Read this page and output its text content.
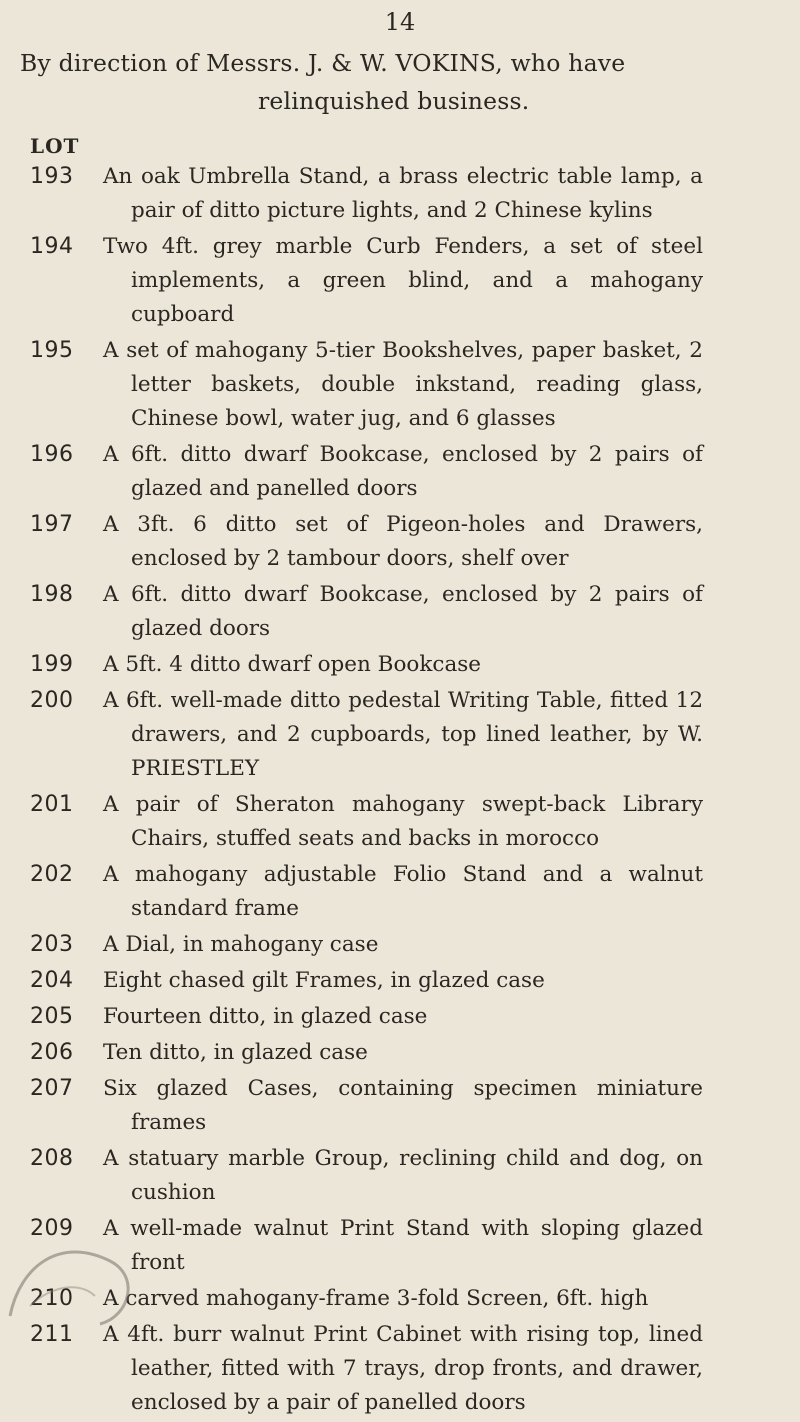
14
By direction of Messrs. J. & W. VOKINS, who have
relinquished business.
LOT
193 An oak Umbrella Stand, a brass electric table lamp, a pair of ditto picture lights, and 2 Chinese kylins
194 Two 4ft. grey marble Curb Fenders, a set of steel implements, a green blind, and a mahogany cupboard
195 A set of mahogany 5-tier Bookshelves, paper basket, 2 letter baskets, double inkstand, reading glass, Chinese bowl, water jug, and 6 glasses
196 A 6ft. ditto dwarf Bookcase, enclosed by 2 pairs of glazed and panelled doors
197 A 3ft. 6 ditto set of Pigeon-holes and Drawers, enclosed by 2 tambour doors, shelf over
198 A 6ft. ditto dwarf Bookcase, enclosed by 2 pairs of glazed doors
199 A 5ft. 4 ditto dwarf open Bookcase
200 A 6ft. well-made ditto pedestal Writing Table, fitted 12 drawers, and 2 cupboards, top lined leather, by W. PRIESTLEY
201 A pair of Sheraton mahogany swept-back Library Chairs, stuffed seats and backs in morocco
202 A mahogany adjustable Folio Stand and a walnut standard frame
203 A Dial, in mahogany case
204 Eight chased gilt Frames, in glazed case
205 Fourteen ditto, in glazed case
206 Ten ditto, in glazed case
207 Six glazed Cases, containing specimen miniature frames
208 A statuary marble Group, reclining child and dog, on cushion
209 A well-made walnut Print Stand with sloping glazed front
210 A carved mahogany-frame 3-fold Screen, 6ft. high
211 A 4ft. burr walnut Print Cabinet with rising top, lined leather, fitted with 7 trays, drop fronts, and drawer, enclosed by a pair of panelled doors
